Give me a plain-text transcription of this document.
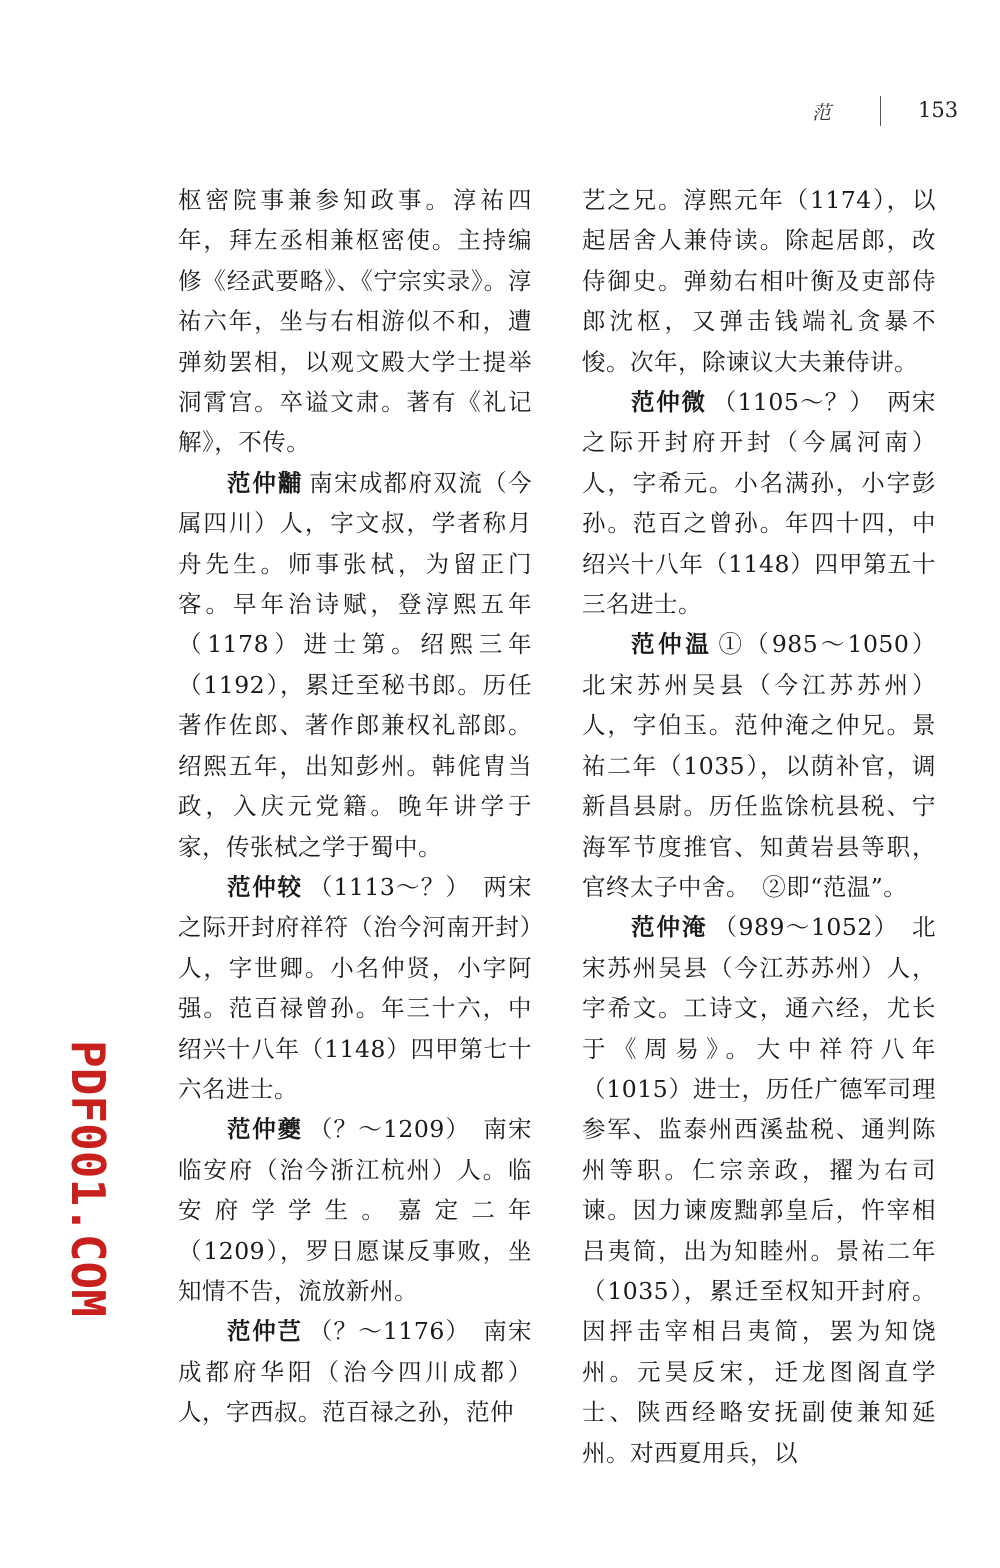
范	153

枢密院事兼参知政事。淳祐四年，拜左丞相兼枢密使。主持编修《经武要略》、《宁宗实录》。淳祐六年，坐与右相游似不和，遭弹劾罢相，以观文殿大学士提举洞霄宫。卒谥文肃。著有《礼记解》，不传。

范仲黼 南宋成都府双流（今属四川）人，字文叔，学者称月舟先生。师事张栻，为留正门客。早年治诗赋，登淳熙五年（1178）进士第。绍熙三年（1192），累迁至秘书郎。历任著作佐郎、著作郎兼权礼部郎。绍熙五年，出知彭州。韩侂胄当政，入庆元党籍。晚年讲学于家，传张栻之学于蜀中。

范仲较 （1113～？）　两宋之际开封府祥符（治今河南开封）人，字世卿。小名仲贤，小字阿强。范百禄曾孙。年三十六，中绍兴十八年（1148）四甲第七十六名进士。

范仲夔 （？～1209）　南宋临安府（治今浙江杭州）人。临安府学学生。嘉定二年（1209），罗日愿谋反事败，坐知情不告，流放新州。

范仲芑 （？～1176）　南宋成都府华阳（治今四川成都）人，字西叔。范百禄之孙，范仲

艺之兄。淳熙元年（1174），以起居舍人兼侍读。除起居郎，改侍御史。弹劾右相叶衡及吏部侍郎沈枢，又弹击钱端礼贪暴不悛。次年，除谏议大夫兼侍讲。

范仲微 （1105～？）　两宋之际开封府开封（今属河南）人，字希元。小名满孙，小字彭孙。范百之曾孙。年四十四，中绍兴十八年（1148）四甲第五十三名进士。

范仲温 ①（985～1050）北宋苏州吴县（今江苏苏州）人，字伯玉。范仲淹之仲兄。景祐二年（1035），以荫补官，调新昌县尉。历任监馀杭县税、宁海军节度推官、知黄岩县等职，官终太子中舍。　②即“范温”。

范仲淹 （989～1052）　北宋苏州吴县（今江苏苏州）人，字希文。工诗文，通六经，尤长于《周易》。大中祥符八年（1015）进士，历任广德军司理参军、监泰州西溪盐税、通判陈州等职。仁宗亲政，擢为右司谏。因力谏废黜郭皇后，忤宰相吕夷简，出为知睦州。景祐二年（1035），累迁至权知开封府。因抨击宰相吕夷简，罢为知饶州。元昊反宋，迁龙图阁直学士、陕西经略安抚副使兼知延州。对西夏用兵，以

PDF001.COM
